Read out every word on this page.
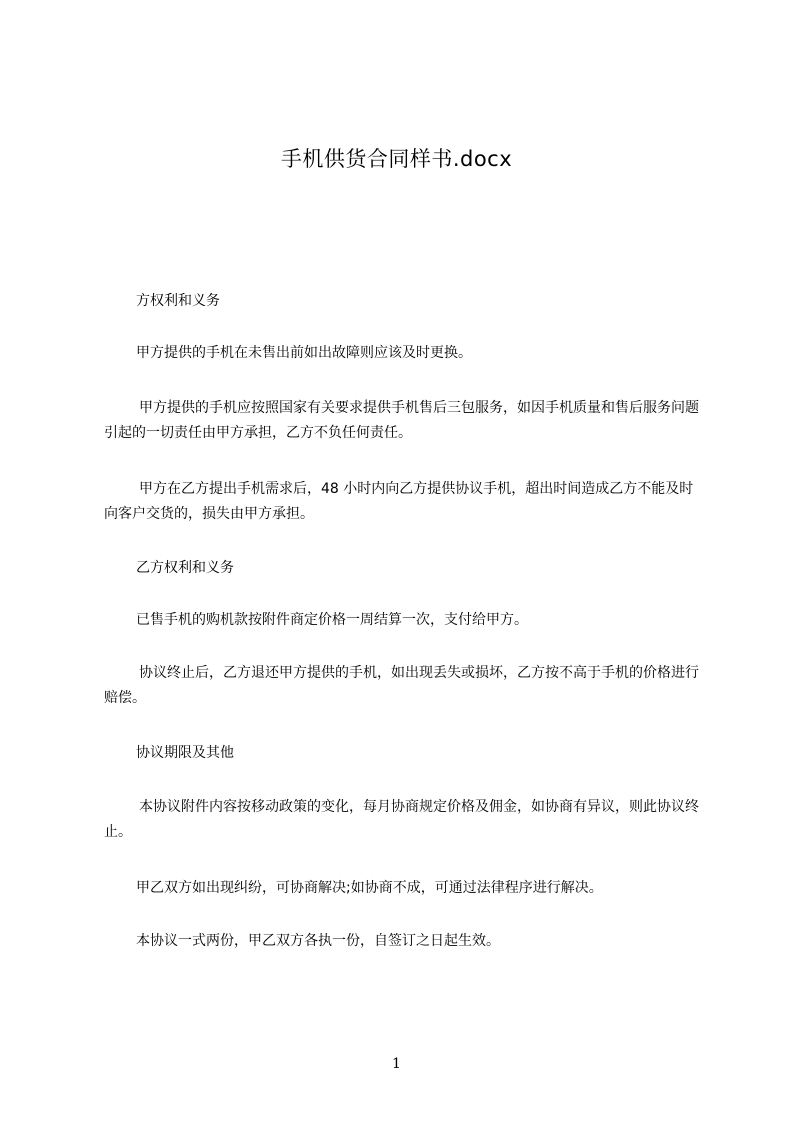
手机供货合同样书.docx

方权利和义务

甲方提供的手机在未售出前如出故障则应该及时更换。

甲方提供的手机应按照国家有关要求提供手机售后三包服务，如因手机质量和售后服务问题引起的一切责任由甲方承担，乙方不负任何责任。

甲方在乙方提出手机需求后，48 小时内向乙方提供协议手机，超出时间造成乙方不能及时向客户交货的，损失由甲方承担。

乙方权利和义务

已售手机的购机款按附件商定价格一周结算一次，支付给甲方。

协议终止后，乙方退还甲方提供的手机，如出现丢失或损坏，乙方按不高于手机的价格进行赔偿。

协议期限及其他

本协议附件内容按移动政策的变化，每月协商规定价格及佣金，如协商有异议，则此协议终止。

甲乙双方如出现纠纷，可协商解决;如协商不成，可通过法律程序进行解决。

本协议一式两份，甲乙双方各执一份，自签订之日起生效。

1
